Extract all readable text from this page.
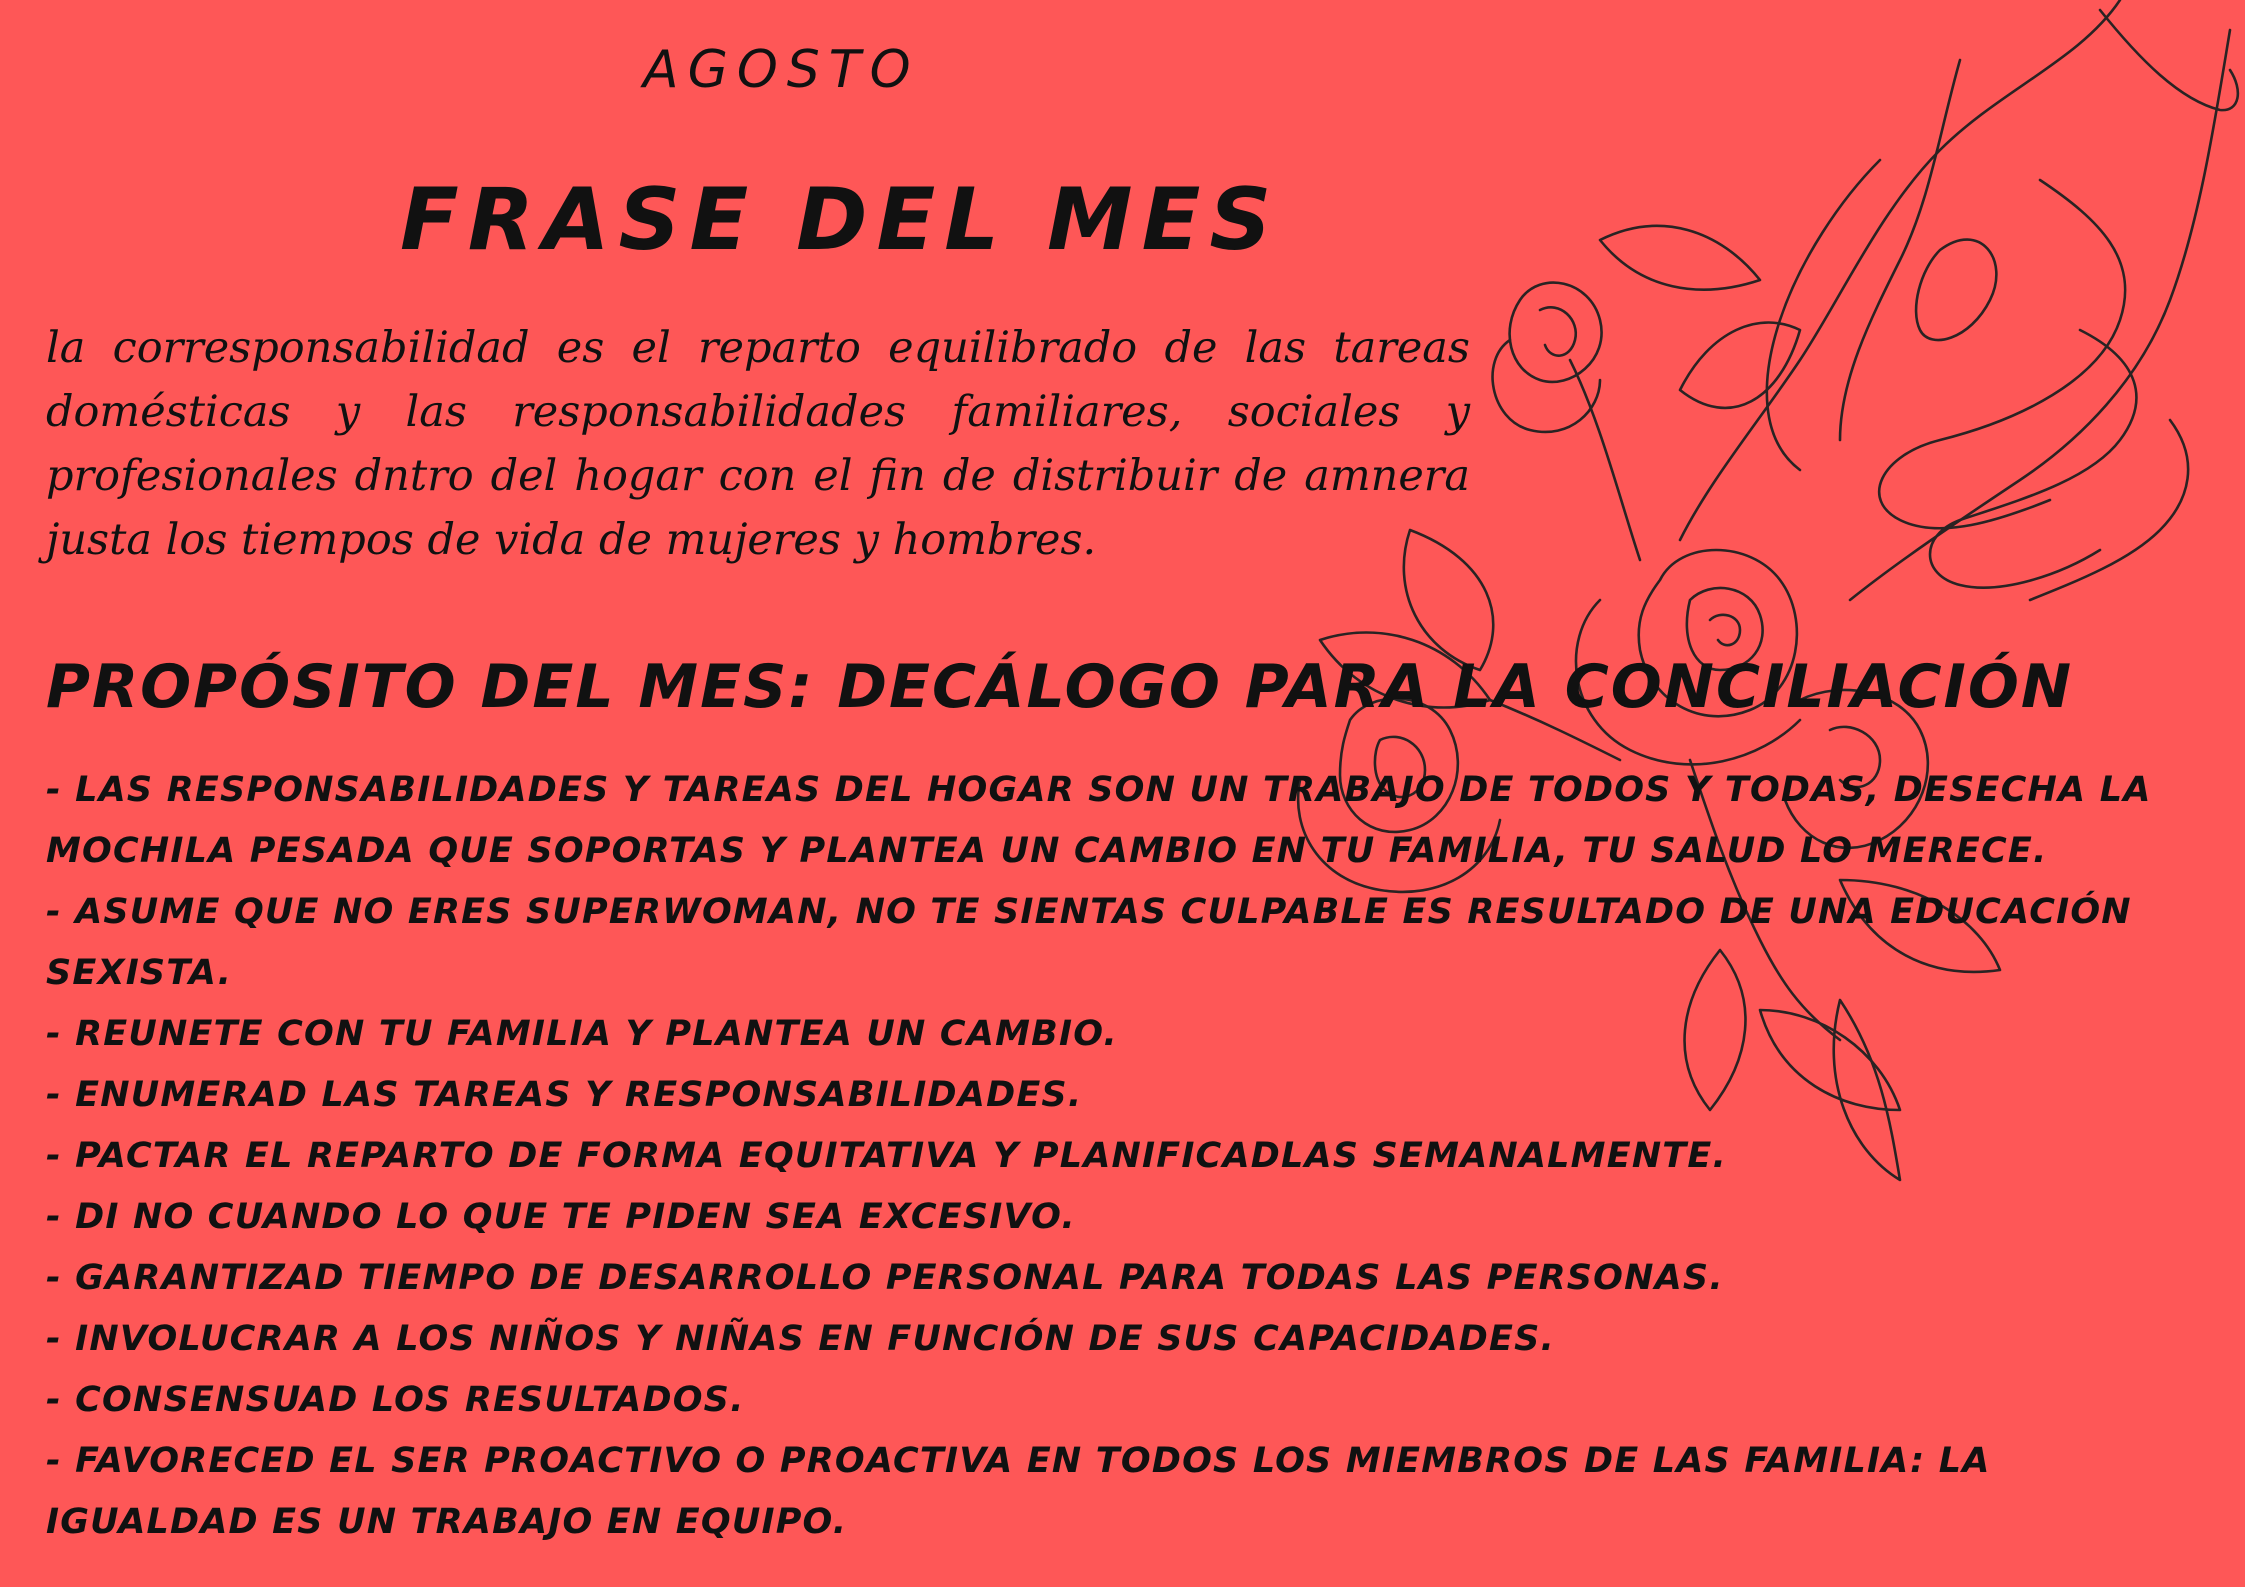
AGOSTO
FRASE DEL MES

la corresponsabilidad es el reparto equilibrado de las tareas domésticas y las responsabilidades familiares, sociales y profesionales dntro del hogar con el fin de distribuir de amnera justa los tiempos de vida de mujeres y hombres.

PROPÓSITO DEL MES: DECÁLOGO PARA LA CONCILIACIÓN
- LAS RESPONSABILIDADES Y TAREAS DEL HOGAR SON UN TRABAJO DE TODOS Y TODAS, DESECHA LA MOCHILA PESADA QUE SOPORTAS Y PLANTEA UN CAMBIO EN TU FAMILIA, TU SALUD LO MERECE.
- ASUME QUE NO ERES SUPERWOMAN, NO TE SIENTAS CULPABLE ES RESULTADO DE UNA EDUCACIÓN SEXISTA.
- REUNETE CON TU FAMILIA Y PLANTEA UN CAMBIO.
- ENUMERAD LAS TAREAS Y RESPONSABILIDADES.
- PACTAR EL REPARTO DE FORMA EQUITATIVA Y PLANIFICADLAS SEMANALMENTE.
- DI NO CUANDO LO QUE TE PIDEN SEA EXCESIVO.
- GARANTIZAD TIEMPO DE DESARROLLO PERSONAL PARA TODAS LAS PERSONAS.
- INVOLUCRAR A LOS NIÑOS Y NIÑAS EN FUNCIÓN DE SUS CAPACIDADES.
- CONSENSUAD LOS RESULTADOS.
- FAVORECED EL SER PROACTIVO O PROACTIVA EN TODOS LOS MIEMBROS DE LAS FAMILIA: LA IGUALDAD ES UN TRABAJO EN EQUIPO.
